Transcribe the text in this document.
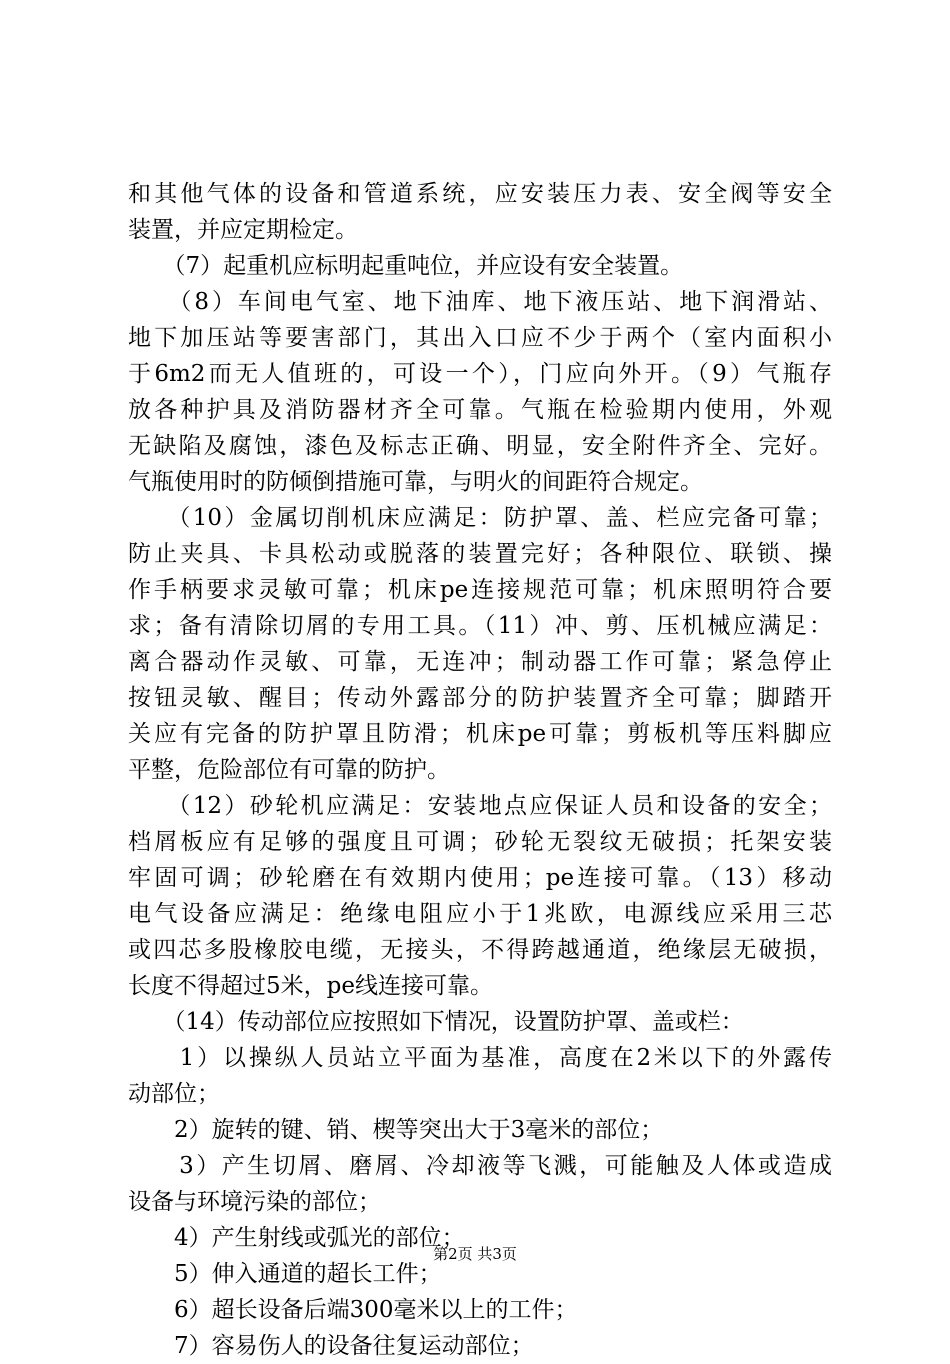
和其他气体的设备和管道系统，应安装压力表、安全阀等安全
装置，并应定期检定。
　　（7）起重机应标明起重吨位，并应设有安全装置。
　　（8）车间电气室、地下油库、地下液压站、地下润滑站、
地下加压站等要害部门，其出入口应不少于两个（室内面积小
于6m2而无人值班的，可设一个），门应向外开。（9）气瓶存
放各种护具及消防器材齐全可靠。气瓶在检验期内使用，外观
无缺陷及腐蚀，漆色及标志正确、明显，安全附件齐全、完好。
气瓶使用时的防倾倒措施可靠，与明火的间距符合规定。
　　（10）金属切削机床应满足：防护罩、盖、栏应完备可靠；
防止夹具、卡具松动或脱落的装置完好；各种限位、联锁、操
作手柄要求灵敏可靠；机床pe连接规范可靠；机床照明符合要
求；备有清除切屑的专用工具。（11）冲、剪、压机械应满足：
离合器动作灵敏、可靠，无连冲；制动器工作可靠；紧急停止
按钮灵敏、醒目；传动外露部分的防护装置齐全可靠；脚踏开
关应有完备的防护罩且防滑；机床pe可靠；剪板机等压料脚应
平整，危险部位有可靠的防护。
　　（12）砂轮机应满足：安装地点应保证人员和设备的安全；
档屑板应有足够的强度且可调；砂轮无裂纹无破损；托架安装
牢固可调；砂轮磨在有效期内使用；pe连接可靠。（13）移动
电气设备应满足：绝缘电阻应小于1兆欧，电源线应采用三芯
或四芯多股橡胶电缆，无接头，不得跨越通道，绝缘层无破损，
长度不得超过5米，pe线连接可靠。
　　（14）传动部位应按照如下情况，设置防护罩、盖或栏：
　　1）以操纵人员站立平面为基准，高度在2米以下的外露传
动部位；
　　2）旋转的键、销、楔等突出大于3毫米的部位；
　　3）产生切屑、磨屑、冷却液等飞溅，可能触及人体或造成
设备与环境污染的部位；
　　4）产生射线或弧光的部位；
　　5）伸入通道的超长工件；
　　6）超长设备后端300毫米以上的工件；
　　7）容易伤人的设备往复运动部位；
第2页 共3页
